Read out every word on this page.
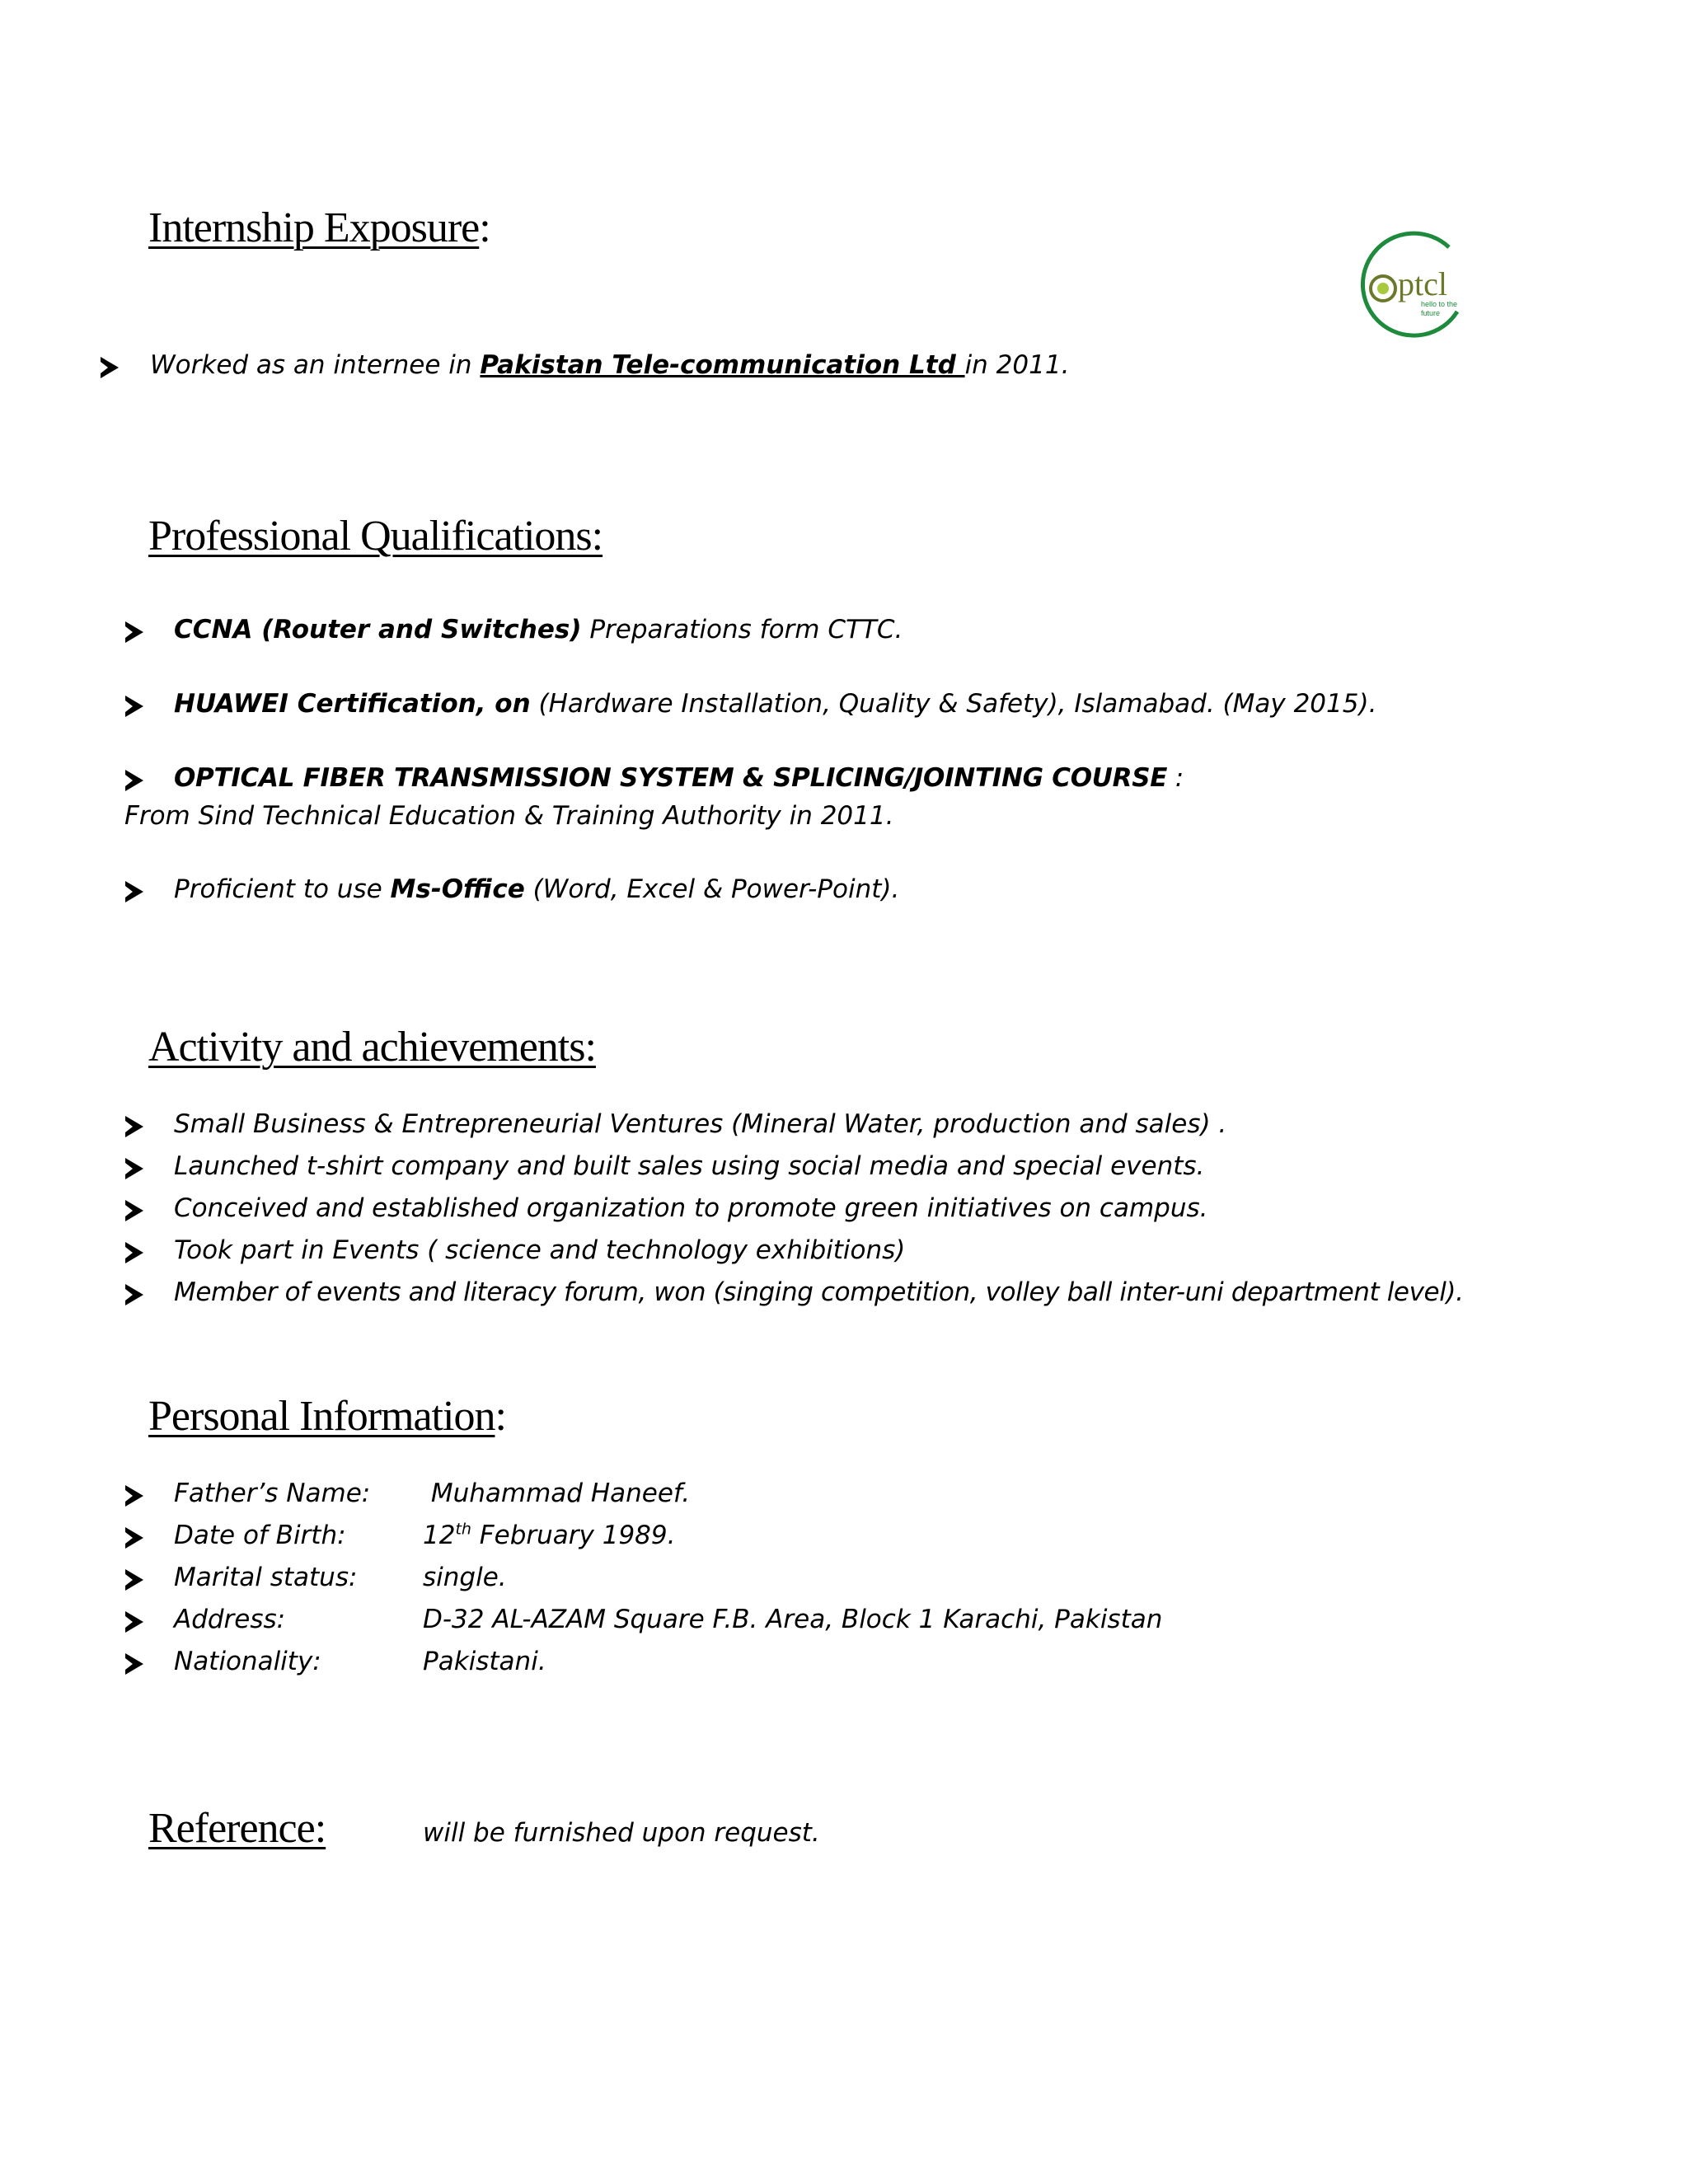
Internship Exposure:
ptcl
hello to the
future

Worked as an internee in Pakistan Tele-communication Ltd in 2011.

Professional Qualifications:

CCNA (Router and Switches) Preparations form CTTC.

HUAWEI Certification, on (Hardware Installation, Quality & Safety), Islamabad. (May 2015).

OPTICAL FIBER TRANSMISSION SYSTEM & SPLICING/JOINTING COURSE :

From Sind Technical Education & Training Authority in 2011.

Proficient to use Ms-Office (Word, Excel & Power-Point).

Activity and achievements:

Small Business & Entrepreneurial Ventures (Mineral Water, production and sales) .

Launched t-shirt company and built sales using social media and special events.

Conceived and established organization to promote green initiatives on campus.

Took part in Events ( science and technology exhibitions)

Member of events and literacy forum, won (singing competition, volley ball inter-uni department level).

Personal Information:

Father’s Name: Muhammad Haneef.

Date of Birth:	12th February 1989.

Marital status:	single.

Address:	D-32 AL-AZAM Square F.B. Area, Block 1 Karachi, Pakistan

Nationality:	Pakistani.

Reference:	will be furnished upon request.
